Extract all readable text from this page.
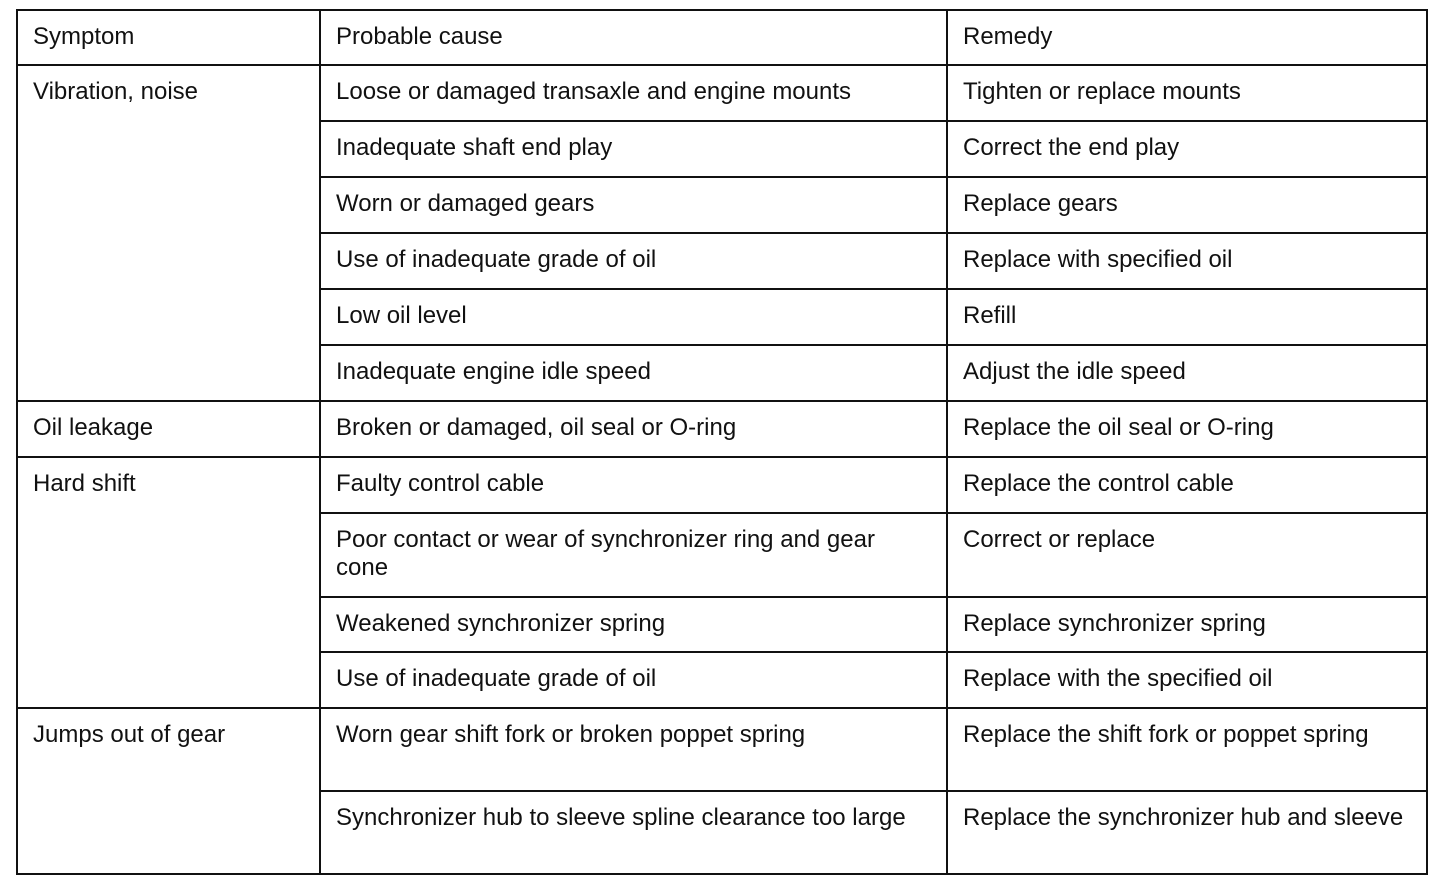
Symptom	Probable cause	Remedy
Vibration, noise	Loose or damaged transaxle and engine mounts	Tighten or replace mounts
	Inadequate shaft end play	Correct the end play
	Worn or damaged gears	Replace gears
	Use of inadequate grade of oil	Replace with specified oil
	Low oil level	Refill
	Inadequate engine idle speed	Adjust the idle speed
Oil leakage	Broken or damaged, oil seal or O-ring	Replace the oil seal or O-ring
Hard shift	Faulty control cable	Replace the control cable
	Poor contact or wear of synchronizer ring and gear cone	Correct or replace
	Weakened synchronizer spring	Replace synchronizer spring
	Use of inadequate grade of oil	Replace with the specified oil
Jumps out of gear	Worn gear shift fork or broken poppet spring	Replace the shift fork or poppet spring
	Synchronizer hub to sleeve spline clearance too large	Replace the synchronizer hub and sleeve
